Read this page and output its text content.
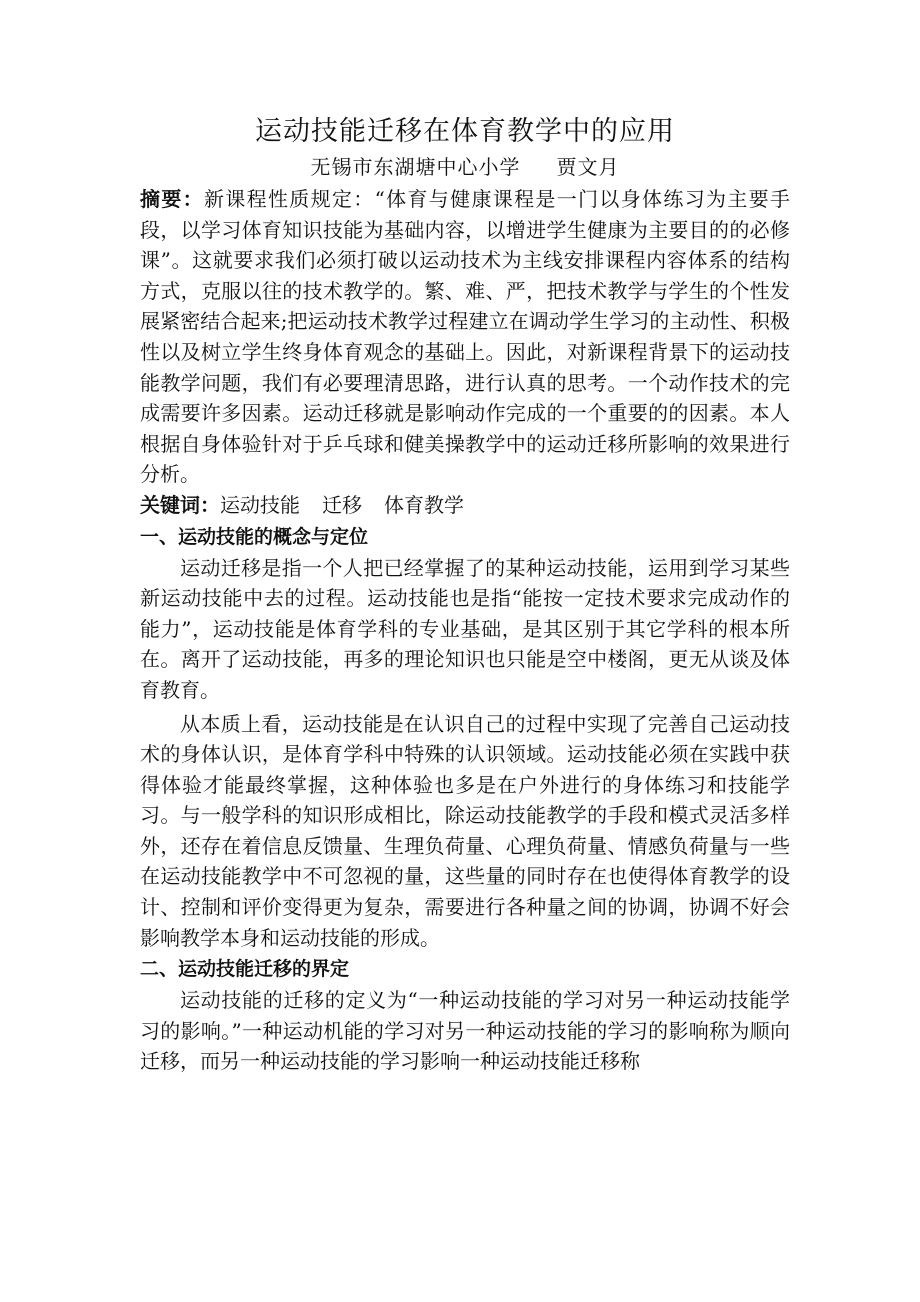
运动技能迁移在体育教学中的应用
无锡市东湖塘中心小学 贾文月

摘要：新课程性质规定：“体育与健康课程是一门以身体练习为主要手段，以学习体育知识技能为基础内容，以增进学生健康为主要目的的必修课”。这就要求我们必须打破以运动技术为主线安排课程内容体系的结构方式，克服以往的技术教学的。繁、难、严，把技术教学与学生的个性发展紧密结合起来;把运动技术教学过程建立在调动学生学习的主动性、积极性以及树立学生终身体育观念的基础上。因此，对新课程背景下的运动技能教学问题，我们有必要理清思路，进行认真的思考。一个动作技术的完成需要许多因素。运动迁移就是影响动作完成的一个重要的的因素。本人根据自身体验针对于乒乓球和健美操教学中的运动迁移所影响的效果进行分析。

关键词：运动技能 迁移 体育教学

一、运动技能的概念与定位

运动迁移是指一个人把已经掌握了的某种运动技能，运用到学习某些新运动技能中去的过程。运动技能也是指“能按一定技术要求完成动作的能力”，运动技能是体育学科的专业基础，是其区别于其它学科的根本所在。离开了运动技能，再多的理论知识也只能是空中楼阁，更无从谈及体育教育。

从本质上看，运动技能是在认识自己的过程中实现了完善自己运动技术的身体认识，是体育学科中特殊的认识领域。运动技能必须在实践中获得体验才能最终掌握，这种体验也多是在户外进行的身体练习和技能学习。与一般学科的知识形成相比，除运动技能教学的手段和模式灵活多样外，还存在着信息反馈量、生理负荷量、心理负荷量、情感负荷量与一些在运动技能教学中不可忽视的量，这些量的同时存在也使得体育教学的设计、控制和评价变得更为复杂，需要进行各种量之间的协调，协调不好会影响教学本身和运动技能的形成。

二、运动技能迁移的界定

运动技能的迁移的定义为“一种运动技能的学习对另一种运动技能学习的影响。”一种运动机能的学习对另一种运动技能的学习的影响称为顺向迁移，而另一种运动技能的学习影响一种运动技能迁移称
